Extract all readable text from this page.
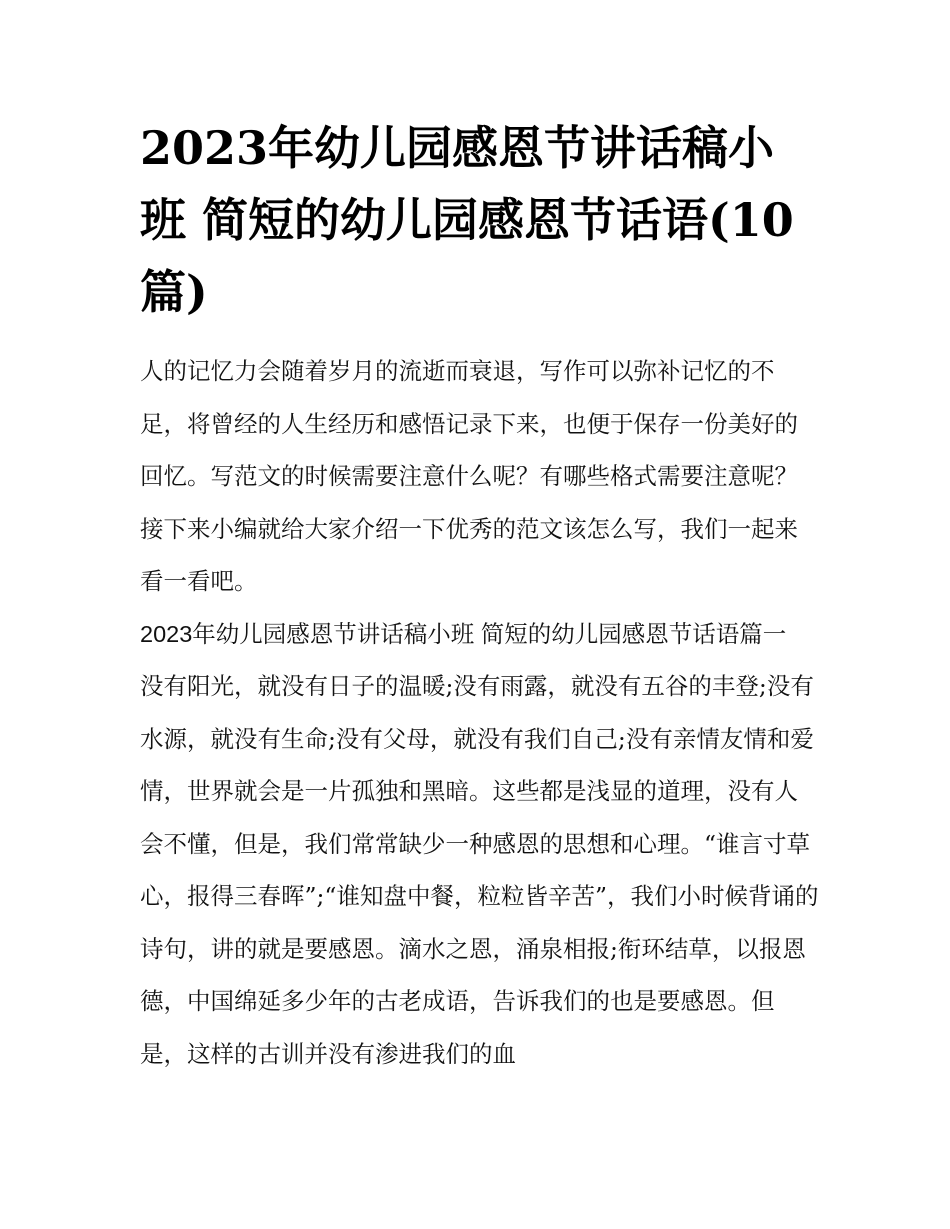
2023年幼儿园感恩节讲话稿小班 简短的幼儿园感恩节话语(10篇)

人的记忆力会随着岁月的流逝而衰退，写作可以弥补记忆的不足，将曾经的人生经历和感悟记录下来，也便于保存一份美好的回忆。写范文的时候需要注意什么呢？有哪些格式需要注意呢？接下来小编就给大家介绍一下优秀的范文该怎么写，我们一起来看一看吧。

2023年幼儿园感恩节讲话稿小班 简短的幼儿园感恩节话语篇一

没有阳光，就没有日子的温暖;没有雨露，就没有五谷的丰登;没有水源，就没有生命;没有父母，就没有我们自己;没有亲情友情和爱情，世界就会是一片孤独和黑暗。这些都是浅显的道理，没有人会不懂，但是，我们常常缺少一种感恩的思想和心理。“谁言寸草心，报得三春晖”;“谁知盘中餐，粒粒皆辛苦”，我们小时候背诵的诗句，讲的就是要感恩。滴水之恩，涌泉相报;衔环结草，以报恩德，中国绵延多少年的古老成语，告诉我们的也是要感恩。但是，这样的古训并没有渗进我们的血
